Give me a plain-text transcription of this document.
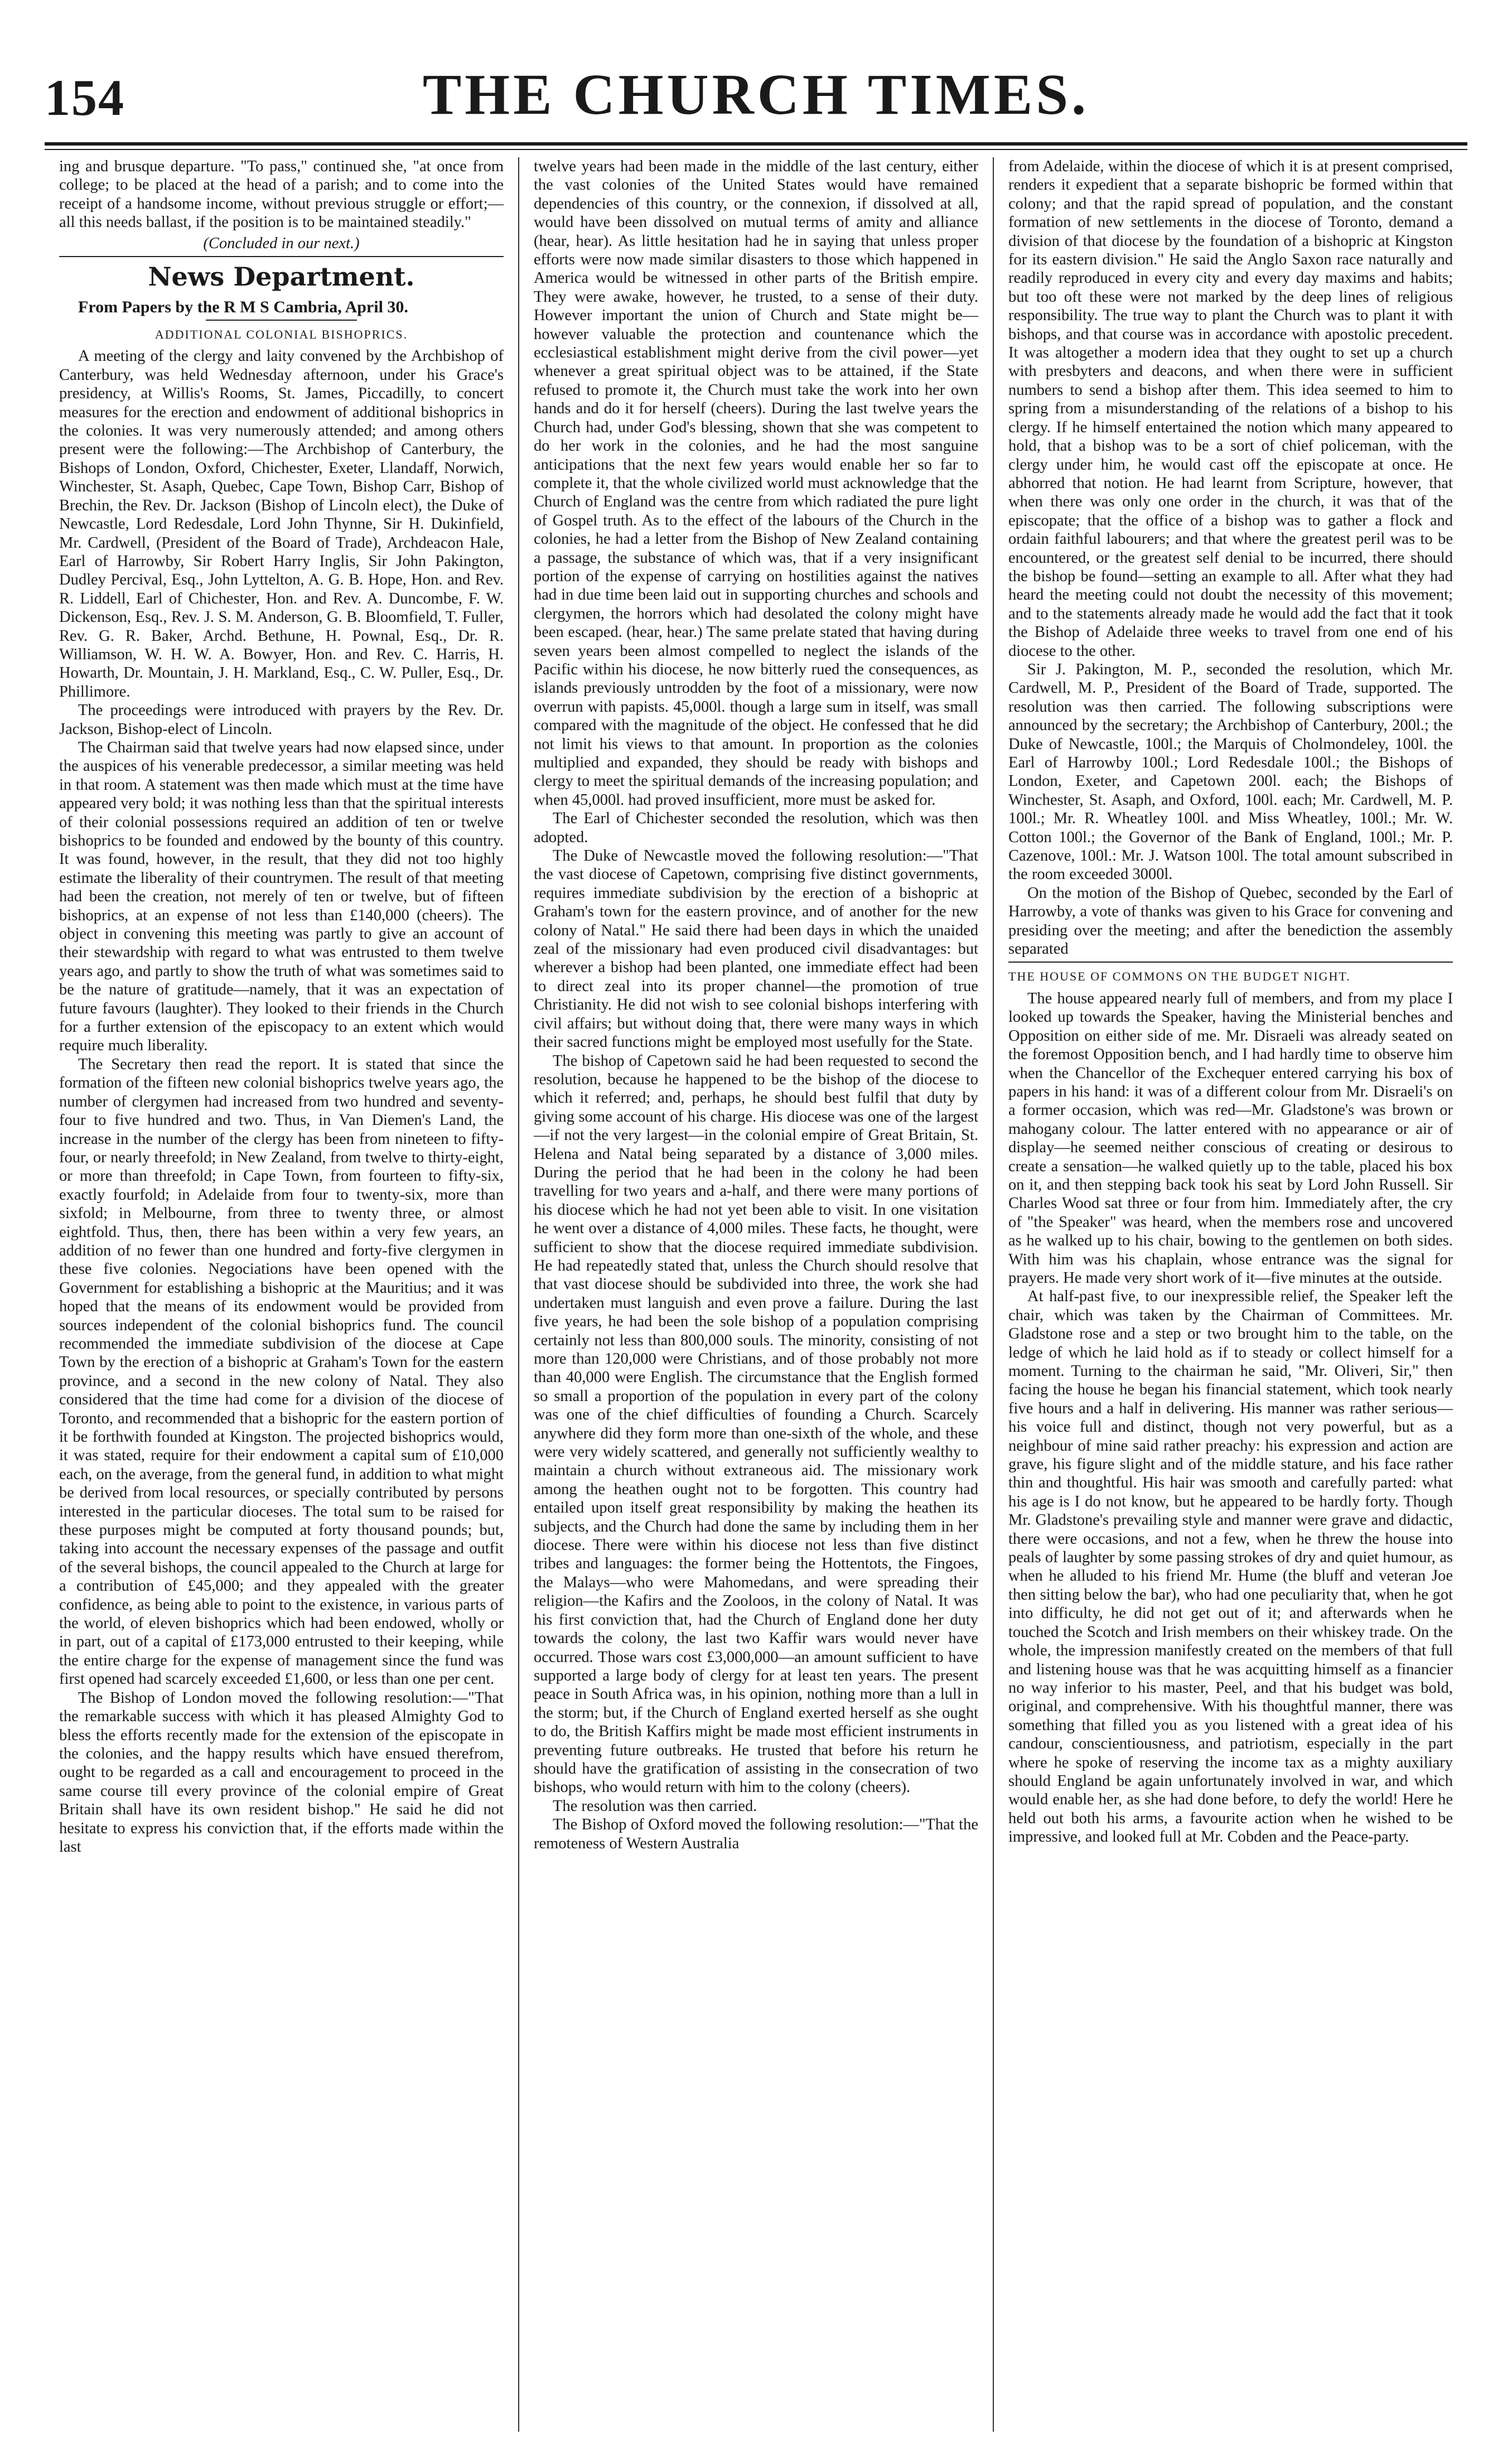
154	THE CHURCH TIMES.

ing and brusque departure. "To pass," continued she, "at once from college; to be placed at the head of a parish; and to come into the receipt of a handsome income, without previous struggle or effort;—all this needs ballast, if the position is to be maintained steadily."

(Concluded in our next.)
News Department.

From Papers by the R M S Cambria, April 30.

ADDITIONAL COLONIAL BISHOPRICS.

A meeting of the clergy and laity convened by the Archbishop of Canterbury, was held Wednesday afternoon, under his Grace's presidency, at Willis's Rooms, St. James, Piccadilly, to concert measures for the erection and endowment of additional bishoprics in the colonies. It was very numerously attended; and among others present were the following:—The Archbishop of Canterbury, the Bishops of London, Oxford, Chichester, Exeter, Llandaff, Norwich, Winchester, St. Asaph, Quebec, Cape Town, Bishop Carr, Bishop of Brechin, the Rev. Dr. Jackson (Bishop of Lincoln elect), the Duke of Newcastle, Lord Redesdale, Lord John Thynne, Sir H. Dukinfield, Mr. Cardwell, (President of the Board of Trade), Archdeacon Hale, Earl of Harrowby, Sir Robert Harry Inglis, Sir John Pakington, Dudley Percival, Esq., John Lyttelton, A. G. B. Hope, Hon. and Rev. R. Liddell, Earl of Chichester, Hon. and Rev. A. Duncombe, F. W. Dickenson, Esq., Rev. J. S. M. Anderson, G. B. Bloomfield, T. Fuller, Rev. G. R. Baker, Archd. Bethune, H. Pownal, Esq., Dr. R. Williamson, W. H. W. A. Bowyer, Hon. and Rev. C. Harris, H. Howarth, Dr. Mountain, J. H. Markland, Esq., C. W. Puller, Esq., Dr. Phillimore.

The proceedings were introduced with prayers by the Rev. Dr. Jackson, Bishop-elect of Lincoln.

The Chairman said that twelve years had now elapsed since, under the auspices of his venerable predecessor, a similar meeting was held in that room. A statement was then made which must at the time have appeared very bold; it was nothing less than that the spiritual interests of their colonial possessions required an addition of ten or twelve bishoprics to be founded and endowed by the bounty of this country. It was found, however, in the result, that they did not too highly estimate the liberality of their countrymen. The result of that meeting had been the creation, not merely of ten or twelve, but of fifteen bishoprics, at an expense of not less than £140,000 (cheers). The object in convening this meeting was partly to give an account of their stewardship with regard to what was entrusted to them twelve years ago, and partly to show the truth of what was sometimes said to be the nature of gratitude—namely, that it was an expectation of future favours (laughter). They looked to their friends in the Church for a further extension of the episcopacy to an extent which would require much liberality.

The Secretary then read the report. It is stated that since the formation of the fifteen new colonial bishoprics twelve years ago, the number of clergymen had increased from two hundred and seventy-four to five hundred and two. Thus, in Van Diemen's Land, the increase in the number of the clergy has been from nineteen to fifty-four, or nearly threefold; in New Zealand, from twelve to thirty-eight, or more than threefold; in Cape Town, from fourteen to fifty-six, exactly fourfold; in Adelaide from four to twenty-six, more than sixfold; in Melbourne, from three to twenty three, or almost eightfold. Thus, then, there has been within a very few years, an addition of no fewer than one hundred and forty-five clergymen in these five colonies. Negociations have been opened with the Government for establishing a bishopric at the Mauritius; and it was hoped that the means of its endowment would be provided from sources independent of the colonial bishoprics fund. The council recommended the immediate subdivision of the diocese at Cape Town by the erection of a bishopric at Graham's Town for the eastern province, and a second in the new colony of Natal. They also considered that the time had come for a division of the diocese of Toronto, and recommended that a bishopric for the eastern portion of it be forthwith founded at Kingston. The projected bishoprics would, it was stated, require for their endowment a capital sum of £10,000 each, on the average, from the general fund, in addition to what might be derived from local resources, or specially contributed by persons interested in the particular dioceses. The total sum to be raised for these purposes might be computed at forty thousand pounds; but, taking into account the necessary expenses of the passage and outfit of the several bishops, the council appealed to the Church at large for a contribution of £45,000; and they appealed with the greater confidence, as being able to point to the existence, in various parts of the world, of eleven bishoprics which had been endowed, wholly or in part, out of a capital of £173,000 entrusted to their keeping, while the entire charge for the expense of management since the fund was first opened had scarcely exceeded £1,600, or less than one per cent.

The Bishop of London moved the following resolution:—"That the remarkable success with which it has pleased Almighty God to bless the efforts recently made for the extension of the episcopate in the colonies, and the happy results which have ensued therefrom, ought to be regarded as a call and encouragement to proceed in the same course till every province of the colonial empire of Great Britain shall have its own resident bishop." He said he did not hesitate to express his conviction that, if the efforts made within the last

twelve years had been made in the middle of the last century, either the vast colonies of the United States would have remained dependencies of this country, or the connexion, if dissolved at all, would have been dissolved on mutual terms of amity and alliance (hear, hear). As little hesitation had he in saying that unless proper efforts were now made similar disasters to those which happened in America would be witnessed in other parts of the British empire. They were awake, however, he trusted, to a sense of their duty. However important the union of Church and State might be—however valuable the protection and countenance which the ecclesiastical establishment might derive from the civil power—yet whenever a great spiritual object was to be attained, if the State refused to promote it, the Church must take the work into her own hands and do it for herself (cheers). During the last twelve years the Church had, under God's blessing, shown that she was competent to do her work in the colonies, and he had the most sanguine anticipations that the next few years would enable her so far to complete it, that the whole civilized world must acknowledge that the Church of England was the centre from which radiated the pure light of Gospel truth. As to the effect of the labours of the Church in the colonies, he had a letter from the Bishop of New Zealand containing a passage, the substance of which was, that if a very insignificant portion of the expense of carrying on hostilities against the natives had in due time been laid out in supporting churches and schools and clergymen, the horrors which had desolated the colony might have been escaped. (hear, hear.) The same prelate stated that having during seven years been almost compelled to neglect the islands of the Pacific within his diocese, he now bitterly rued the consequences, as islands previously untrodden by the foot of a missionary, were now overrun with papists. 45,000l. though a large sum in itself, was small compared with the magnitude of the object. He confessed that he did not limit his views to that amount. In proportion as the colonies multiplied and expanded, they should be ready with bishops and clergy to meet the spiritual demands of the increasing population; and when 45,000l. had proved insufficient, more must be asked for.

The Earl of Chichester seconded the resolution, which was then adopted.

The Duke of Newcastle moved the following resolution:—"That the vast diocese of Capetown, comprising five distinct governments, requires immediate subdivision by the erection of a bishopric at Graham's town for the eastern province, and of another for the new colony of Natal." He said there had been days in which the unaided zeal of the missionary had even produced civil disadvantages: but wherever a bishop had been planted, one immediate effect had been to direct zeal into its proper channel—the promotion of true Christianity. He did not wish to see colonial bishops interfering with civil affairs; but without doing that, there were many ways in which their sacred functions might be employed most usefully for the State.

The bishop of Capetown said he had been requested to second the resolution, because he happened to be the bishop of the diocese to which it referred; and, perhaps, he should best fulfil that duty by giving some account of his charge. His diocese was one of the largest—if not the very largest—in the colonial empire of Great Britain, St. Helena and Natal being separated by a distance of 3,000 miles. During the period that he had been in the colony he had been travelling for two years and a-half, and there were many portions of his diocese which he had not yet been able to visit. In one visitation he went over a distance of 4,000 miles. These facts, he thought, were sufficient to show that the diocese required immediate subdivision. He had repeatedly stated that, unless the Church should resolve that that vast diocese should be subdivided into three, the work she had undertaken must languish and even prove a failure. During the last five years, he had been the sole bishop of a population comprising certainly not less than 800,000 souls. The minority, consisting of not more than 120,000 were Christians, and of those probably not more than 40,000 were English. The circumstance that the English formed so small a proportion of the population in every part of the colony was one of the chief difficulties of founding a Church. Scarcely anywhere did they form more than one-sixth of the whole, and these were very widely scattered, and generally not sufficiently wealthy to maintain a church without extraneous aid. The missionary work among the heathen ought not to be forgotten. This country had entailed upon itself great responsibility by making the heathen its subjects, and the Church had done the same by including them in her diocese. There were within his diocese not less than five distinct tribes and languages: the former being the Hottentots, the Fingoes, the Malays—who were Mahomedans, and were spreading their religion—the Kafirs and the Zooloos, in the colony of Natal. It was his first conviction that, had the Church of England done her duty towards the colony, the last two Kaffir wars would never have occurred. Those wars cost £3,000,000—an amount sufficient to have supported a large body of clergy for at least ten years. The present peace in South Africa was, in his opinion, nothing more than a lull in the storm; but, if the Church of England exerted herself as she ought to do, the British Kaffirs might be made most efficient instruments in preventing future outbreaks. He trusted that before his return he should have the gratification of assisting in the consecration of two bishops, who would return with him to the colony (cheers).

The resolution was then carried.

The Bishop of Oxford moved the following resolution:—"That the remoteness of Western Australia

from Adelaide, within the diocese of which it is at present comprised, renders it expedient that a separate bishopric be formed within that colony; and that the rapid spread of population, and the constant formation of new settlements in the diocese of Toronto, demand a division of that diocese by the foundation of a bishopric at Kingston for its eastern division." He said the Anglo Saxon race naturally and readily reproduced in every city and every day maxims and habits; but too oft these were not marked by the deep lines of religious responsibility. The true way to plant the Church was to plant it with bishops, and that course was in accordance with apostolic precedent. It was altogether a modern idea that they ought to set up a church with presbyters and deacons, and when there were in sufficient numbers to send a bishop after them. This idea seemed to him to spring from a misunderstanding of the relations of a bishop to his clergy. If he himself entertained the notion which many appeared to hold, that a bishop was to be a sort of chief policeman, with the clergy under him, he would cast off the episcopate at once. He abhorred that notion. He had learnt from Scripture, however, that when there was only one order in the church, it was that of the episcopate; that the office of a bishop was to gather a flock and ordain faithful labourers; and that where the greatest peril was to be encountered, or the greatest self denial to be incurred, there should the bishop be found—setting an example to all. After what they had heard the meeting could not doubt the necessity of this movement; and to the statements already made he would add the fact that it took the Bishop of Adelaide three weeks to travel from one end of his diocese to the other.

Sir J. Pakington, M. P., seconded the resolution, which Mr. Cardwell, M. P., President of the Board of Trade, supported. The resolution was then carried. The following subscriptions were announced by the secretary; the Archbishop of Canterbury, 200l.; the Duke of Newcastle, 100l.; the Marquis of Cholmondeley, 100l. the Earl of Harrowby 100l.; Lord Redesdale 100l.; the Bishops of London, Exeter, and Capetown 200l. each; the Bishops of Winchester, St. Asaph, and Oxford, 100l. each; Mr. Cardwell, M. P. 100l.; Mr. R. Wheatley 100l. and Miss Wheatley, 100l.; Mr. W. Cotton 100l.; the Governor of the Bank of England, 100l.; Mr. P. Cazenove, 100l.: Mr. J. Watson 100l. The total amount subscribed in the room exceeded 3000l.

On the motion of the Bishop of Quebec, seconded by the Earl of Harrowby, a vote of thanks was given to his Grace for convening and presiding over the meeting; and after the benediction the assembly separated

THE HOUSE OF COMMONS ON THE BUDGET NIGHT.

The house appeared nearly full of members, and from my place I looked up towards the Speaker, having the Ministerial benches and Opposition on either side of me. Mr. Disraeli was already seated on the foremost Opposition bench, and I had hardly time to observe him when the Chancellor of the Exchequer entered carrying his box of papers in his hand: it was of a different colour from Mr. Disraeli's on a former occasion, which was red—Mr. Gladstone's was brown or mahogany colour. The latter entered with no appearance or air of display—he seemed neither conscious of creating or desirous to create a sensation—he walked quietly up to the table, placed his box on it, and then stepping back took his seat by Lord John Russell. Sir Charles Wood sat three or four from him. Immediately after, the cry of "the Speaker" was heard, when the members rose and uncovered as he walked up to his chair, bowing to the gentlemen on both sides. With him was his chaplain, whose entrance was the signal for prayers. He made very short work of it—five minutes at the outside.

At half-past five, to our inexpressible relief, the Speaker left the chair, which was taken by the Chairman of Committees. Mr. Gladstone rose and a step or two brought him to the table, on the ledge of which he laid hold as if to steady or collect himself for a moment. Turning to the chairman he said, "Mr. Oliveri, Sir," then facing the house he began his financial statement, which took nearly five hours and a half in delivering. His manner was rather serious—his voice full and distinct, though not very powerful, but as a neighbour of mine said rather preachy: his expression and action are grave, his figure slight and of the middle stature, and his face rather thin and thoughtful. His hair was smooth and carefully parted: what his age is I do not know, but he appeared to be hardly forty. Though Mr. Gladstone's prevailing style and manner were grave and didactic, there were occasions, and not a few, when he threw the house into peals of laughter by some passing strokes of dry and quiet humour, as when he alluded to his friend Mr. Hume (the bluff and veteran Joe then sitting below the bar), who had one peculiarity that, when he got into difficulty, he did not get out of it; and afterwards when he touched the Scotch and Irish members on their whiskey trade. On the whole, the impression manifestly created on the members of that full and listening house was that he was acquitting himself as a financier no way inferior to his master, Peel, and that his budget was bold, original, and comprehensive. With his thoughtful manner, there was something that filled you as you listened with a great idea of his candour, conscientiousness, and patriotism, especially in the part where he spoke of reserving the income tax as a mighty auxiliary should England be again unfortunately involved in war, and which would enable her, as she had done before, to defy the world! Here he held out both his arms, a favourite action when he wished to be impressive, and looked full at Mr. Cobden and the Peace-party.
